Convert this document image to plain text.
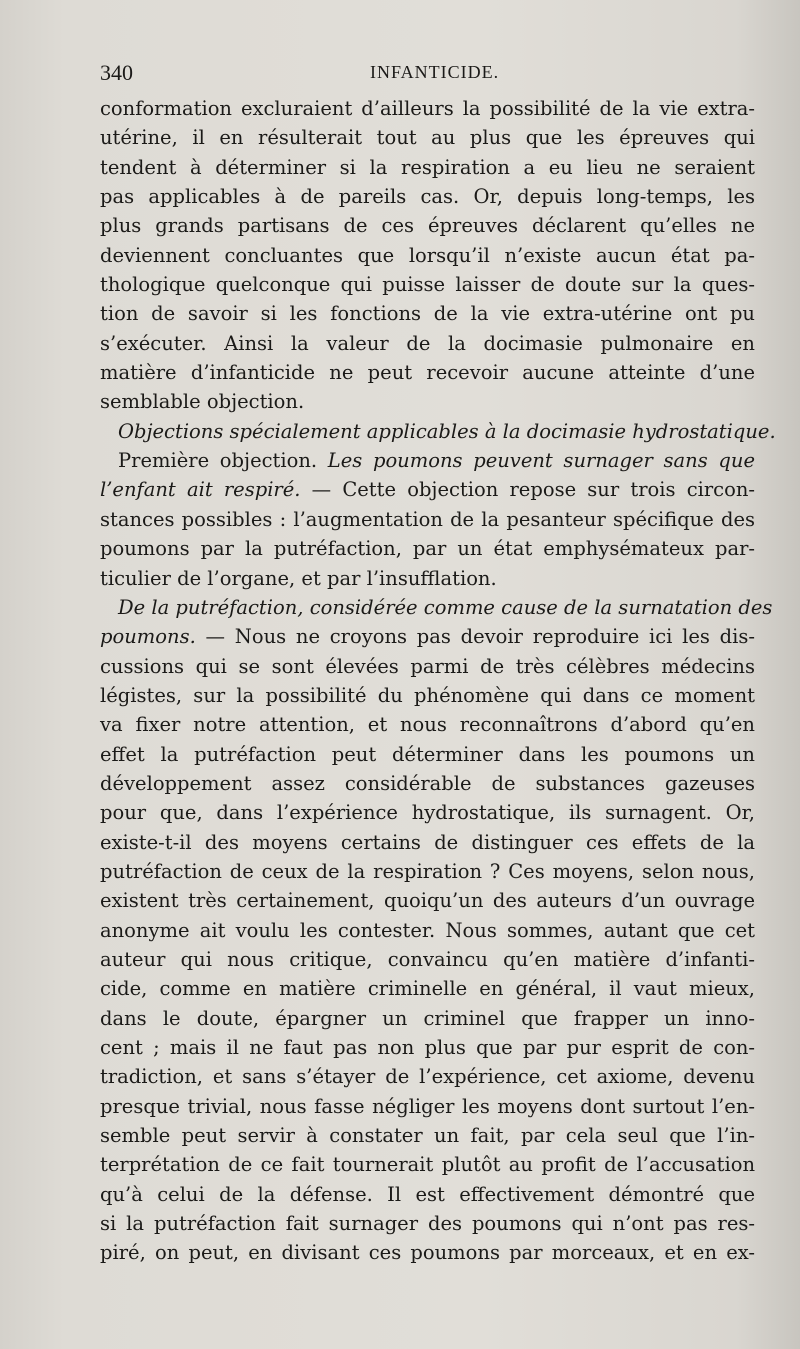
340	INFANTICIDE.
conformation excluraient d’ailleurs la possibilité de la vie extra-
utérine, il en résulterait tout au plus que les épreuves qui
tendent à déterminer si la respiration a eu lieu ne seraient
pas applicables à de pareils cas. Or, depuis long-temps, les
plus grands partisans de ces épreuves déclarent qu’elles ne
deviennent concluantes que lorsqu’il n’existe aucun état pa-
thologique quelconque qui puisse laisser de doute sur la ques-
tion de savoir si les fonctions de la vie extra-utérine ont pu
s’exécuter. Ainsi la valeur de la docimasie pulmonaire en
matière d’infanticide ne peut recevoir aucune atteinte d’une
semblable objection.
Objections spécialement applicables à la docimasie hydrostatique.
Première objection. Les poumons peuvent surnager sans que
l’enfant ait respiré. — Cette objection repose sur trois circon-
stances possibles : l’augmentation de la pesanteur spécifique des
poumons par la putréfaction, par un état emphysémateux par-
ticulier de l’organe, et par l’insufflation.
De la putréfaction, considérée comme cause de la surnatation des
poumons. — Nous ne croyons pas devoir reproduire ici les dis-
cussions qui se sont élevées parmi de très célèbres médecins
légistes, sur la possibilité du phénomène qui dans ce moment
va fixer notre attention, et nous reconnaîtrons d’abord qu’en
effet la putréfaction peut déterminer dans les poumons un
développement assez considérable de substances gazeuses
pour que, dans l’expérience hydrostatique, ils surnagent. Or,
existe-t-il des moyens certains de distinguer ces effets de la
putréfaction de ceux de la respiration ? Ces moyens, selon nous,
existent très certainement, quoiqu’un des auteurs d’un ouvrage
anonyme ait voulu les contester. Nous sommes, autant que cet
auteur qui nous critique, convaincu qu’en matière d’infanti-
cide, comme en matière criminelle en général, il vaut mieux,
dans le doute, épargner un criminel que frapper un inno-
cent ; mais il ne faut pas non plus que par pur esprit de con-
tradiction, et sans s’étayer de l’expérience, cet axiome, devenu
presque trivial, nous fasse négliger les moyens dont surtout l’en-
semble peut servir à constater un fait, par cela seul que l’in-
terprétation de ce fait tournerait plutôt au profit de l’accusation
qu’à celui de la défense. Il est effectivement démontré que
si la putréfaction fait surnager des poumons qui n’ont pas res-
piré, on peut, en divisant ces poumons par morceaux, et en ex-
